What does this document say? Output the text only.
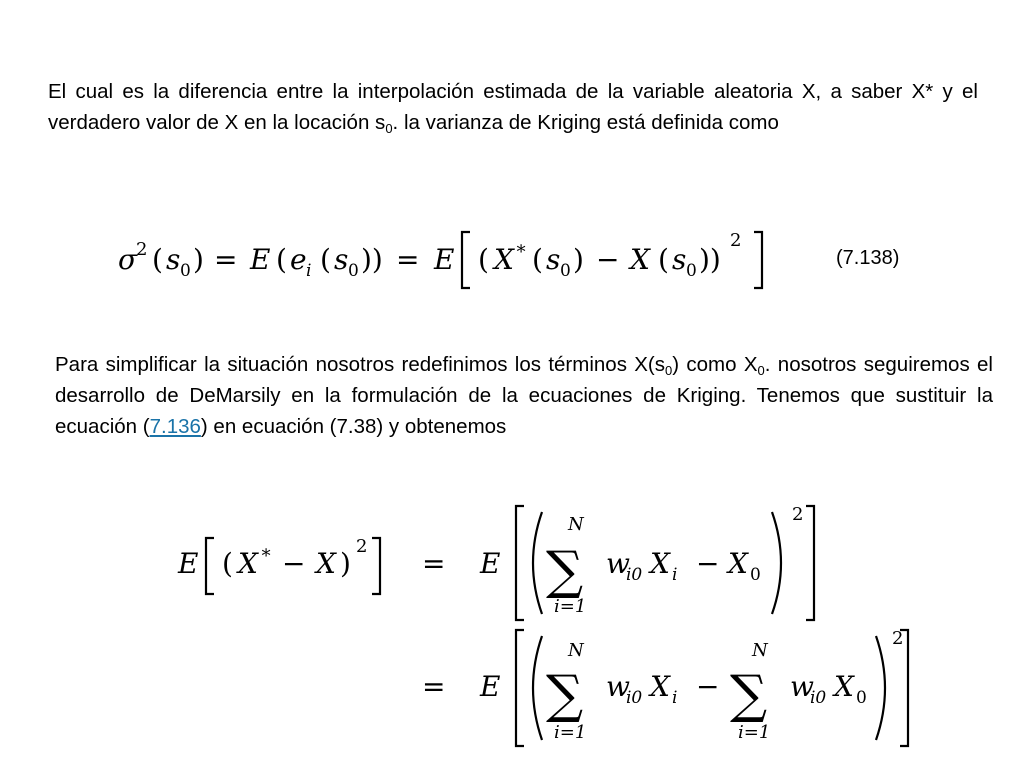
El cual es la diferencia entre la interpolación estimada de la variable aleatoria X, a saber X* y el verdadero valor de X en la locación $s_0$. la varianza de Kriging está definida como

σ
2 ( s 0 ) = E ( e i ( s 0 )) = E ( X ∗ ( s 0 ) − X ( s 0 ))
2
(7.138)

Para simplificar la situación nosotros redefinimos los términos $X(s_0)$ como $X_0$. nosotros seguiremos el desarrollo de DeMarsily en la formulación de la ecuaciones de Kriging. Tenemos que sustituir la ecuación (7.136) en ecuación (7.38) y obtenemos

E ( X ∗ − X )
2
= E
N
∑
i=1
w
i0 X i − X 0
2
= E
N
∑
i=1
w
i0 X i −
N
∑
i=1
w
i0 X 0
2
